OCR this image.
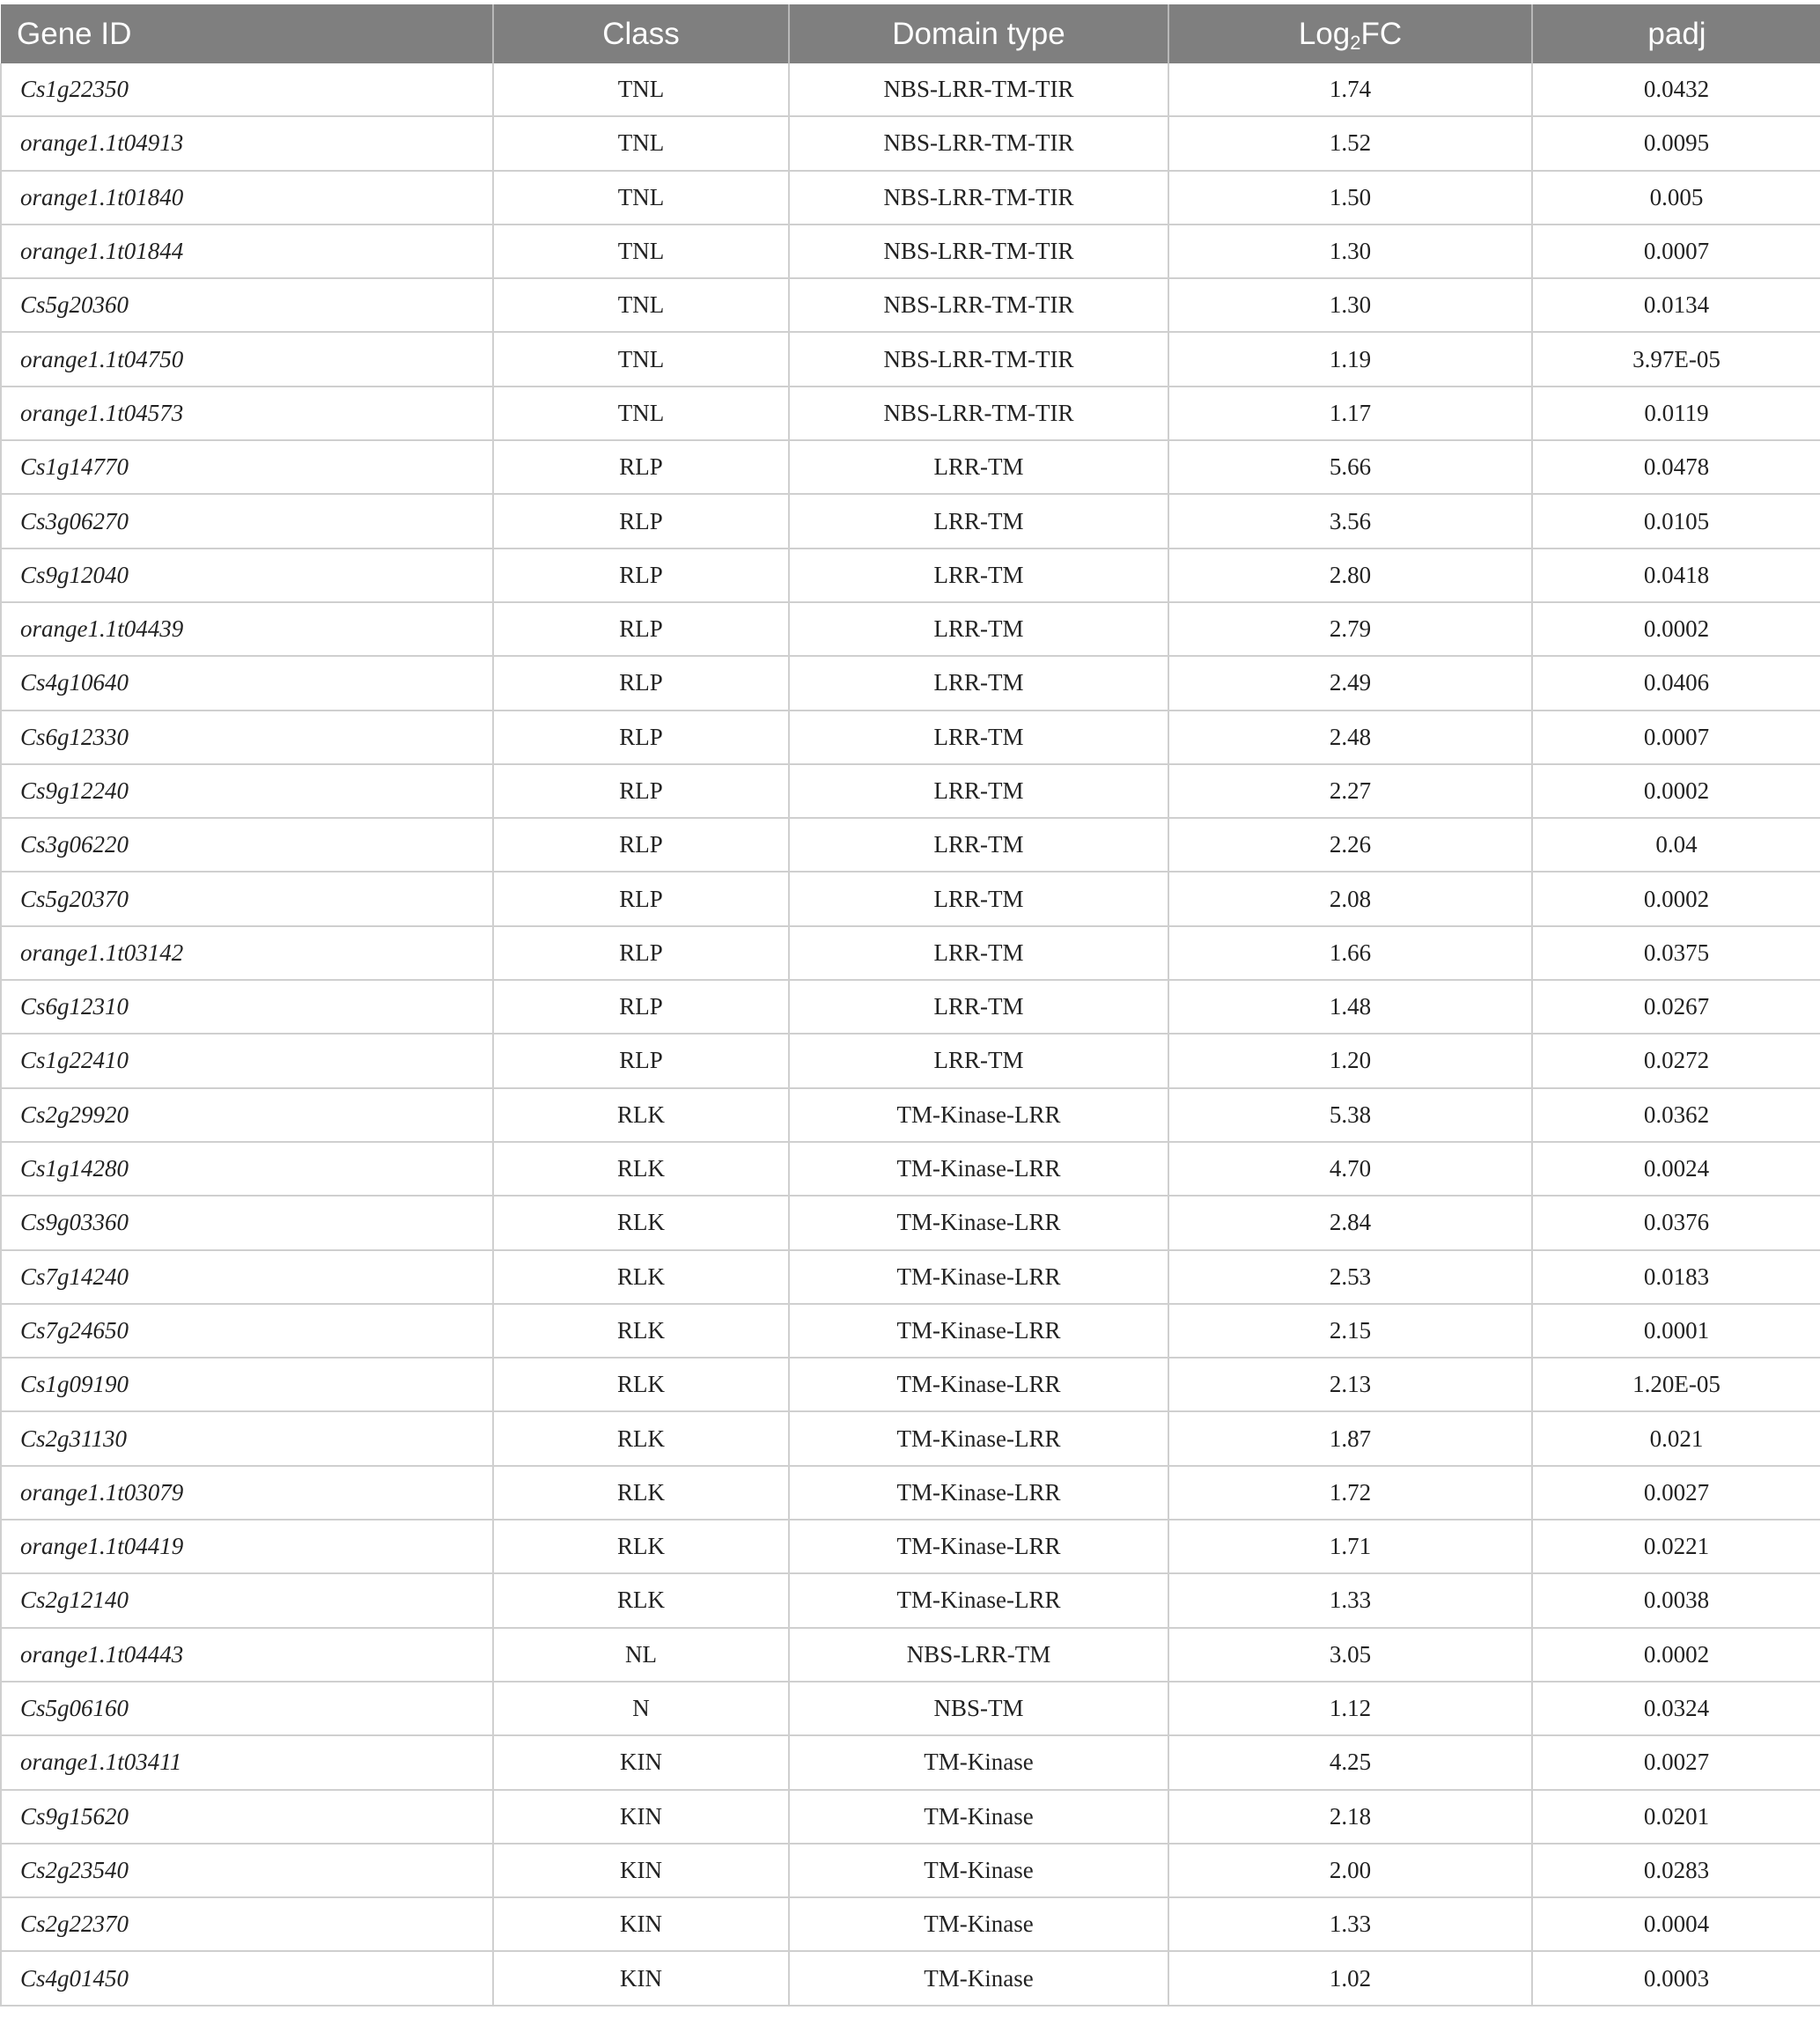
Gene ID	Class	Domain type	Log$_2$FC	padj
Cs1g22350	TNL	NBS-LRR-TM-TIR	1.74	0.0432
orange1.1t04913	TNL	NBS-LRR-TM-TIR	1.52	0.0095
orange1.1t01840	TNL	NBS-LRR-TM-TIR	1.50	0.005
orange1.1t01844	TNL	NBS-LRR-TM-TIR	1.30	0.0007
Cs5g20360	TNL	NBS-LRR-TM-TIR	1.30	0.0134
orange1.1t04750	TNL	NBS-LRR-TM-TIR	1.19	3.97E-05
orange1.1t04573	TNL	NBS-LRR-TM-TIR	1.17	0.0119
Cs1g14770	RLP	LRR-TM	5.66	0.0478
Cs3g06270	RLP	LRR-TM	3.56	0.0105
Cs9g12040	RLP	LRR-TM	2.80	0.0418
orange1.1t04439	RLP	LRR-TM	2.79	0.0002
Cs4g10640	RLP	LRR-TM	2.49	0.0406
Cs6g12330	RLP	LRR-TM	2.48	0.0007
Cs9g12240	RLP	LRR-TM	2.27	0.0002
Cs3g06220	RLP	LRR-TM	2.26	0.04
Cs5g20370	RLP	LRR-TM	2.08	0.0002
orange1.1t03142	RLP	LRR-TM	1.66	0.0375
Cs6g12310	RLP	LRR-TM	1.48	0.0267
Cs1g22410	RLP	LRR-TM	1.20	0.0272
Cs2g29920	RLK	TM-Kinase-LRR	5.38	0.0362
Cs1g14280	RLK	TM-Kinase-LRR	4.70	0.0024
Cs9g03360	RLK	TM-Kinase-LRR	2.84	0.0376
Cs7g14240	RLK	TM-Kinase-LRR	2.53	0.0183
Cs7g24650	RLK	TM-Kinase-LRR	2.15	0.0001
Cs1g09190	RLK	TM-Kinase-LRR	2.13	1.20E-05
Cs2g31130	RLK	TM-Kinase-LRR	1.87	0.021
orange1.1t03079	RLK	TM-Kinase-LRR	1.72	0.0027
orange1.1t04419	RLK	TM-Kinase-LRR	1.71	0.0221
Cs2g12140	RLK	TM-Kinase-LRR	1.33	0.0038
orange1.1t04443	NL	NBS-LRR-TM	3.05	0.0002
Cs5g06160	N	NBS-TM	1.12	0.0324
orange1.1t03411	KIN	TM-Kinase	4.25	0.0027
Cs9g15620	KIN	TM-Kinase	2.18	0.0201
Cs2g23540	KIN	TM-Kinase	2.00	0.0283
Cs2g22370	KIN	TM-Kinase	1.33	0.0004
Cs4g01450	KIN	TM-Kinase	1.02	0.0003
